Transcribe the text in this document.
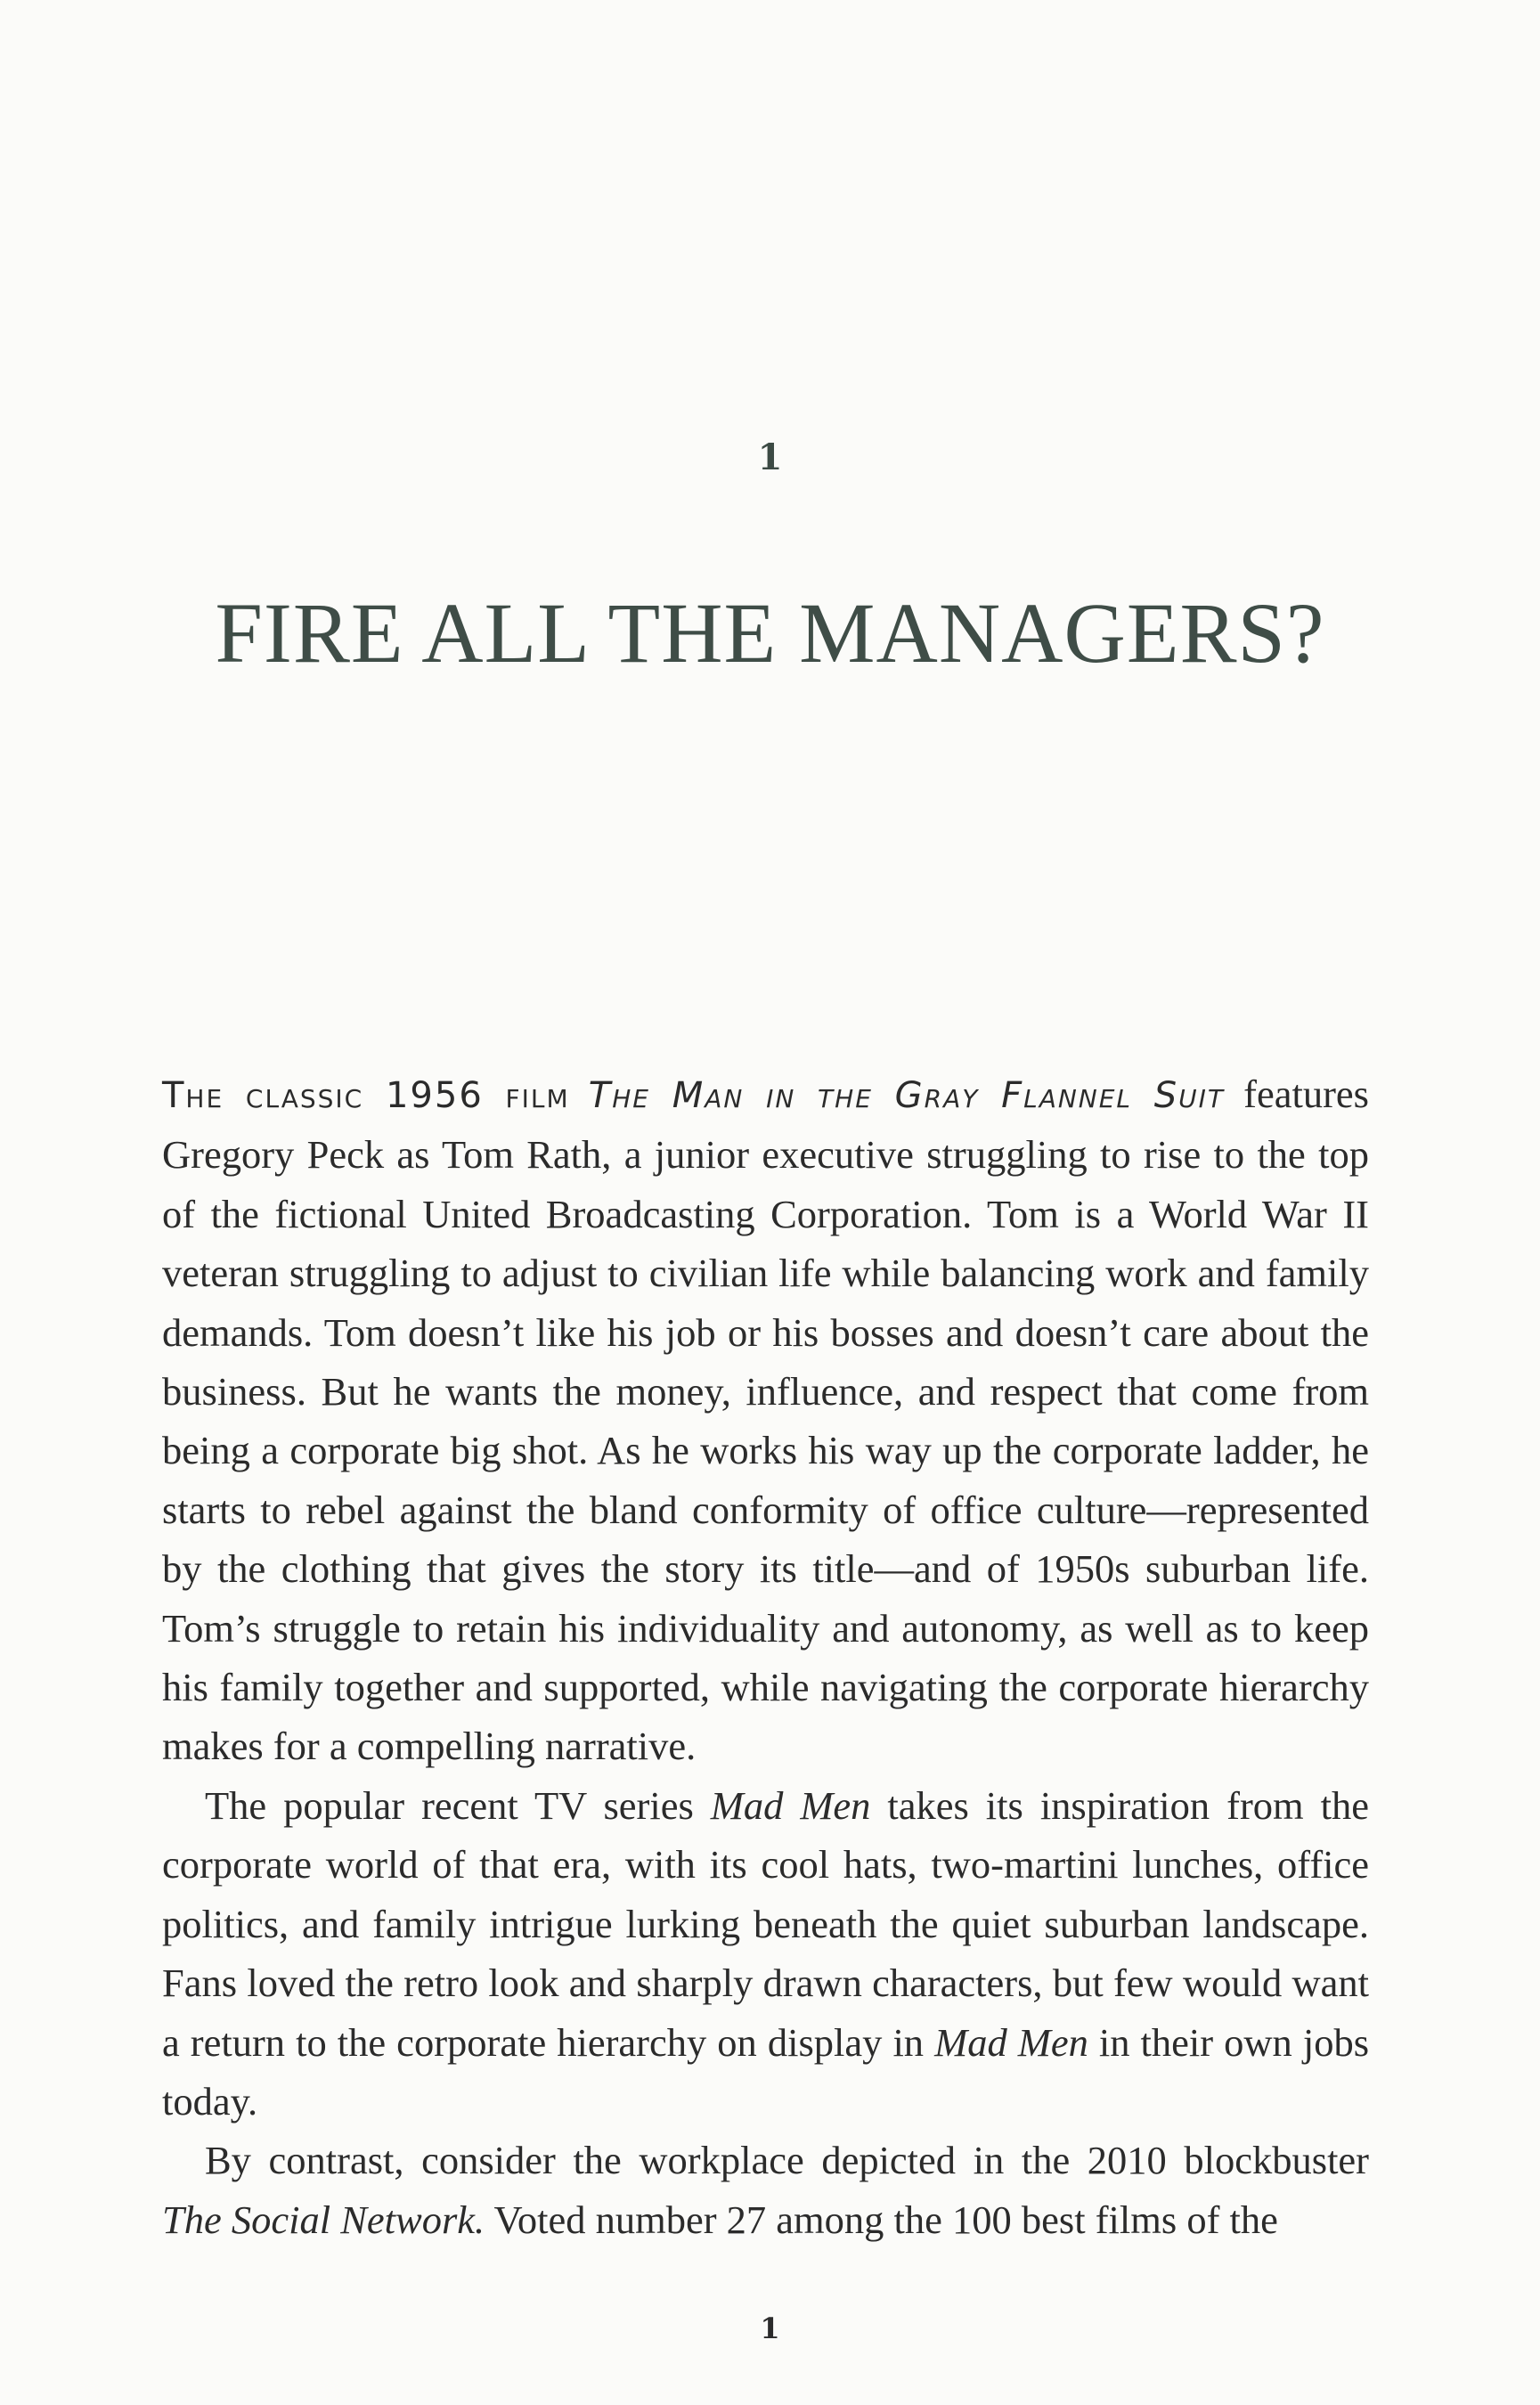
1
FIRE ALL THE MANAGERS?

The classic 1956 film The Man in the Gray Flannel Suit features Gregory Peck as Tom Rath, a junior executive struggling to rise to the top of the fictional United Broadcasting Corporation. Tom is a World War II veteran struggling to adjust to civilian life while balancing work and family demands. Tom doesn’t like his job or his bosses and doesn’t care about the business. But he wants the money, influence, and respect that come from being a corporate big shot. As he works his way up the corporate ladder, he starts to rebel against the bland conformity of office culture—represented by the clothing that gives the story its title—and of 1950s suburban life. Tom’s struggle to retain his individuality and autonomy, as well as to keep his family together and supported, while navigating the corporate hierarchy makes for a compelling narrative.

The popular recent TV series Mad Men takes its inspiration from the corporate world of that era, with its cool hats, two-martini lunches, office politics, and family intrigue lurking beneath the quiet suburban landscape. Fans loved the retro look and sharply drawn characters, but few would want a return to the corporate hierarchy on display in Mad Men in their own jobs today.

By contrast, consider the workplace depicted in the 2010 blockbuster The Social Network. Voted number 27 among the 100 best films of the

1
